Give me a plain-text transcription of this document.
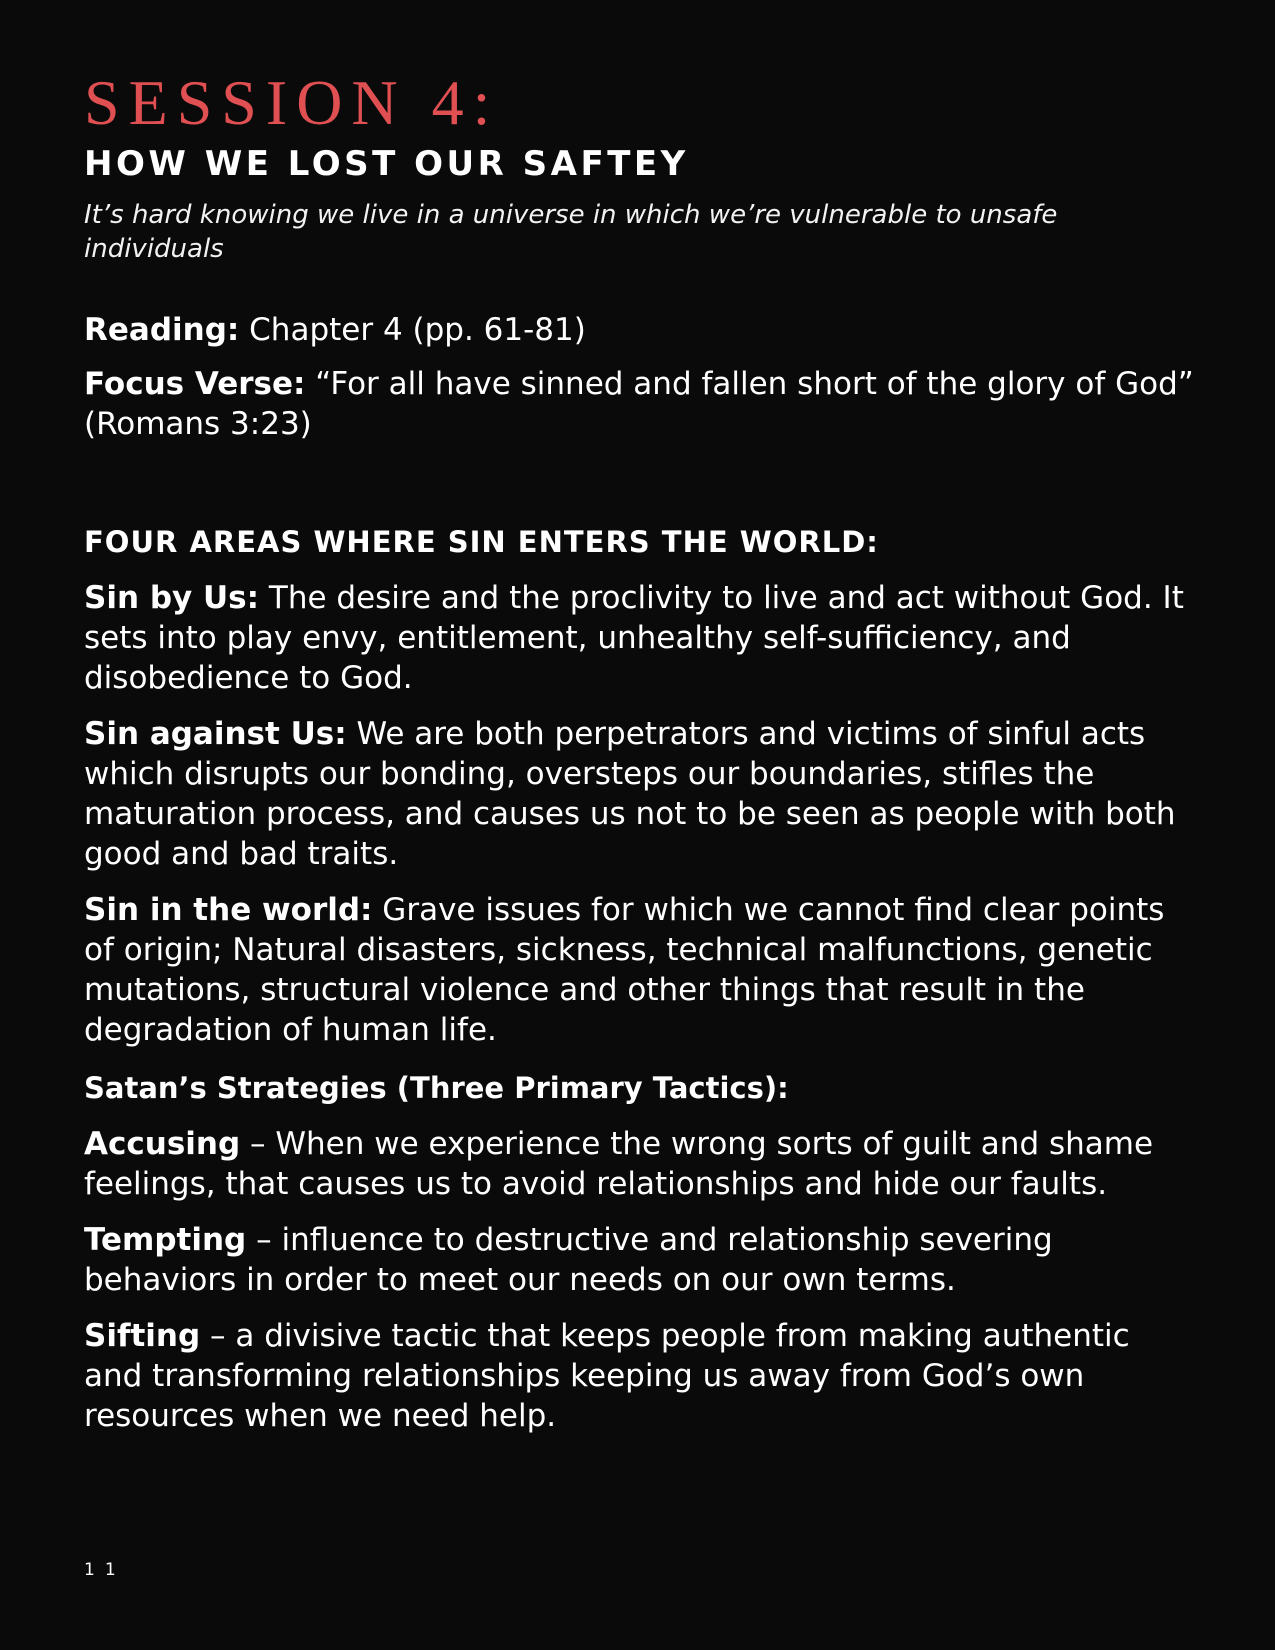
SESSION 4:
HOW WE LOST OUR SAFTEY

It’s hard knowing we live in a universe in which we’re vulnerable to unsafe individuals

Reading: Chapter 4 (pp. 61-81)

Focus Verse: “For all have sinned and fallen short of the glory of God” (Romans 3:23)

FOUR AREAS WHERE SIN ENTERS THE WORLD:

Sin by Us: The desire and the proclivity to live and act without God. It sets into play envy, entitlement, unhealthy self-sufficiency, and disobedience to God.

Sin against Us: We are both perpetrators and victims of sinful acts which disrupts our bonding, oversteps our boundaries, stifles the maturation process, and causes us not to be seen as people with both good and bad traits.

Sin in the world: Grave issues for which we cannot find clear points of origin; Natural disasters, sickness, technical malfunctions, genetic mutations, structural violence and other things that result in the degradation of human life.

Satan’s Strategies (Three Primary Tactics):

Accusing – When we experience the wrong sorts of guilt and shame feelings, that causes us to avoid relationships and hide our faults.

Tempting – influence to destructive and relationship severing behaviors in order to meet our needs on our own terms.

Sifting – a divisive tactic that keeps people from making authentic and transforming relationships keeping us away from God’s own resources when we need help.

11
